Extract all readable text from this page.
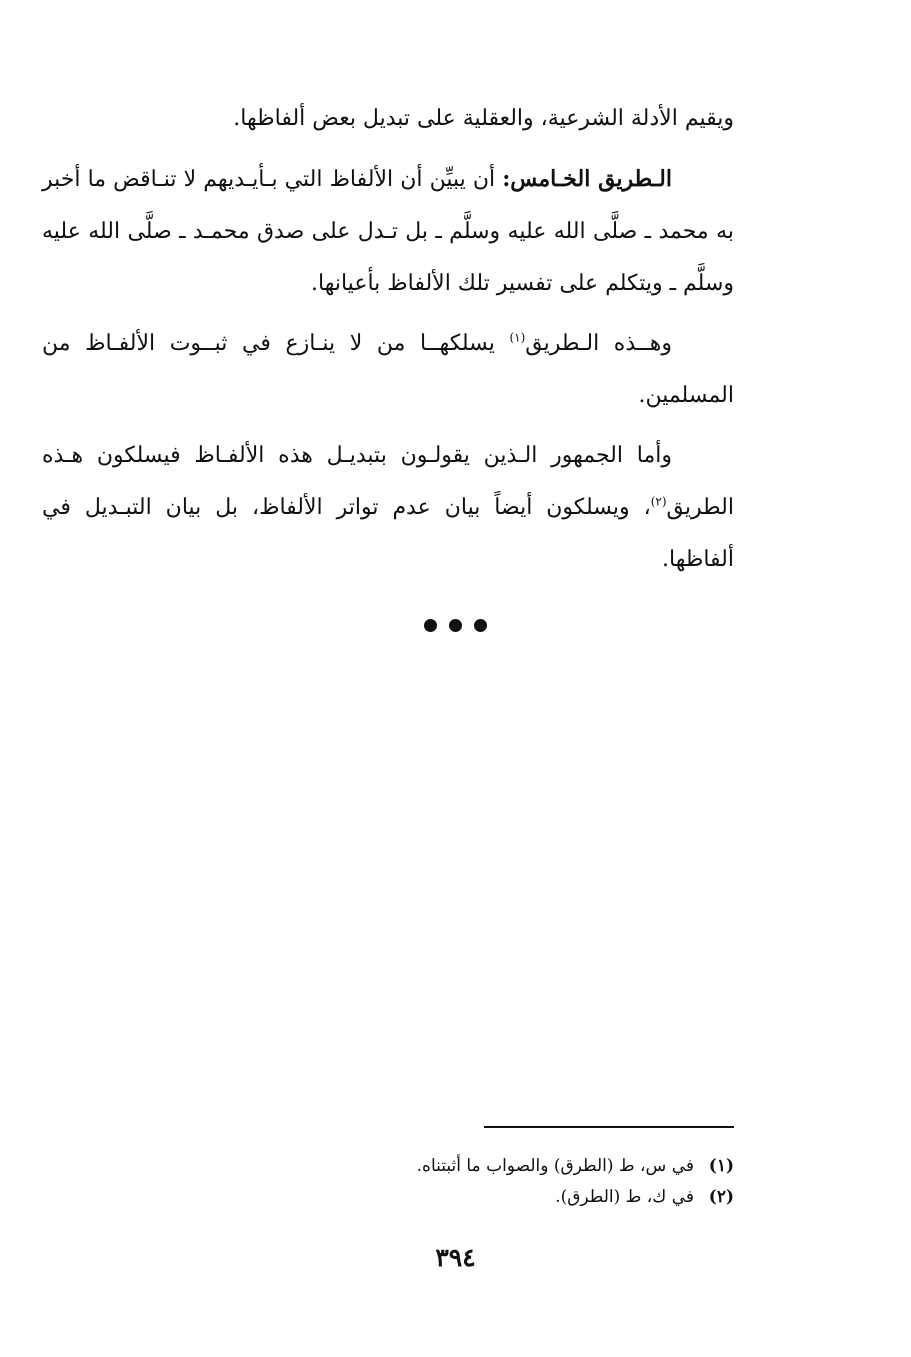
ويقيم الأدلة الشرعية، والعقلية على تبديل بعض ألفاظها.

الـطريق الخـامس: أن يبيِّن أن الألفاظ التي بـأيـديهم لا تنـاقض ما أخبر به محمد ـ صلَّى الله عليه وسلَّم ـ بل تـدل على صدق محمـد ـ صلَّى الله عليه وسلَّم ـ ويتكلم على تفسير تلك الألفاظ بأعيانها.

وهــذه الـطريق$^{(١)}$ يسلكهــا من لا ينـازع في ثبــوت الألفـاظ من المسلمين.

وأما الجمهور الـذين يقولـون بتبديـل هذه الألفـاظ فيسلكون هـذه الطريق$^{(٢)}$، ويسلكون أيضاً بيان عدم تواتر الألفاظ، بل بيان التبـديل في ألفاظها.

(١)
في س، ط (الطرق) والصواب ما أثبتناه.
(٢)
في ك، ط (الطرق).
٣٩٤
